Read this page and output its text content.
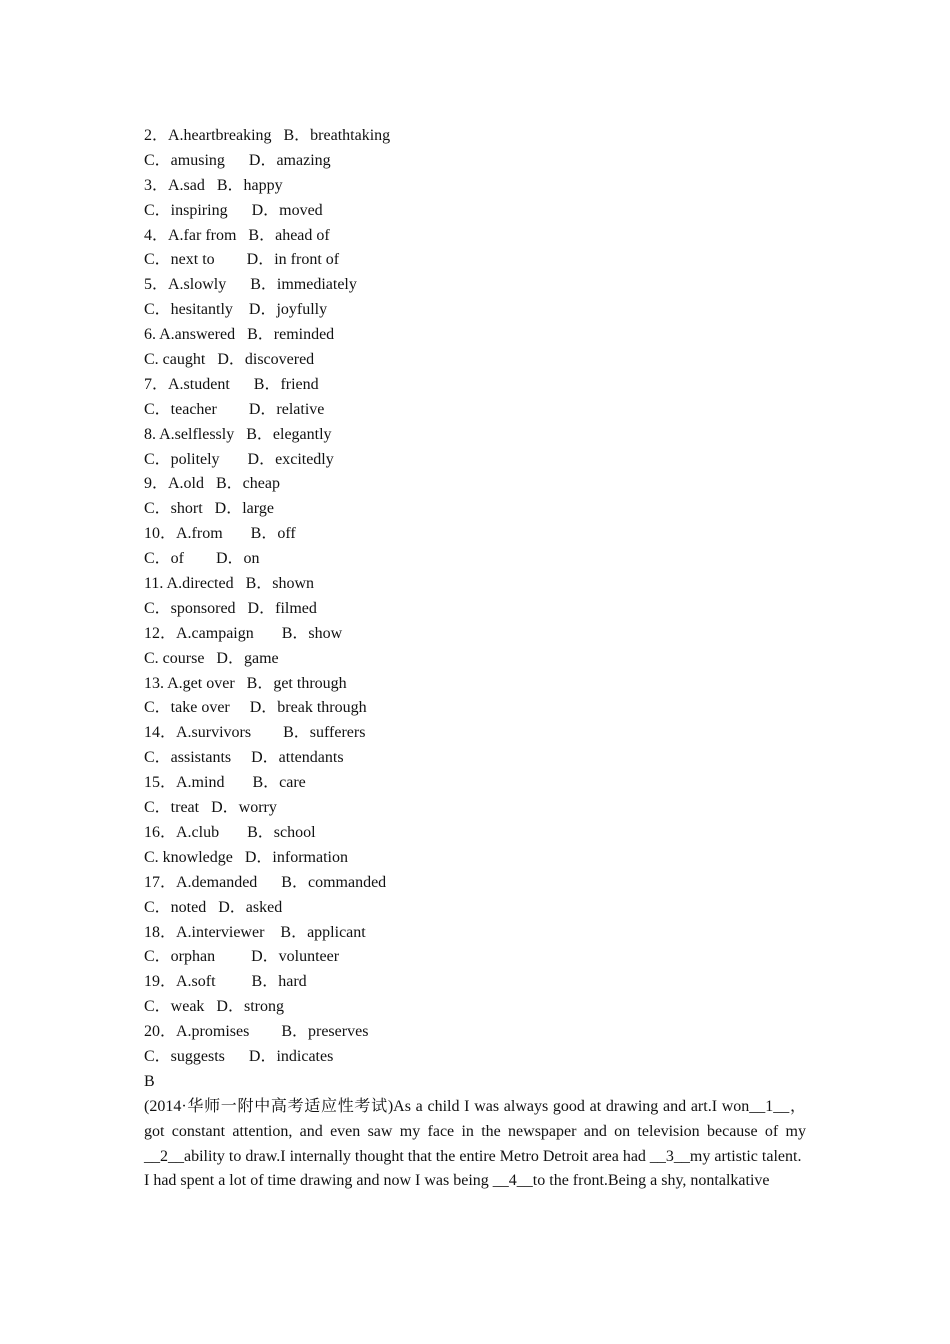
2．A.heartbreaking   B．breathtaking
C．amusing      D．amazing
3．A.sad   B．happy
C．inspiring      D．moved
4．A.far from   B．ahead of
C．next to        D．in front of
5．A.slowly      B．immediately
C．hesitantly    D．joyfully
6. A.answered   B．reminded
C. caught   D．discovered
7．A.student      B．friend
C．teacher        D．relative
8. A.selflessly   B．elegantly
C．politely       D．excitedly
9．A.old   B．cheap
C．short   D．large
10．A.from       B．off
C．of        D．on
11. A.directed   B．shown
C．sponsored   D．filmed
12．A.campaign       B．show
C. course   D．game
13. A.get over   B．get through
C．take over     D．break through
14．A.survivors        B．sufferers
C．assistants     D．attendants
15．A.mind       B．care
C．treat   D．worry
16．A.club       B．school
C. knowledge   D．information
17．A.demanded      B．commanded
C．noted   D．asked
18．A.interviewer    B．applicant
C．orphan         D．volunteer
19．A.soft         B．hard
C．weak   D．strong
20．A.promises        B．preserves
C．suggests      D．indicates
B

(2014·华师一附中高考适应性考试)As a child I was always good at drawing and art.I won__1__， got constant attention, and even saw my face in the newspaper and on television because of my __2__ability to draw.I internally thought that the entire Metro Detroit area had __3__my artistic talent.

I had spent a lot of time drawing and now I was being __4__to the front.Being a shy, nontalkative
